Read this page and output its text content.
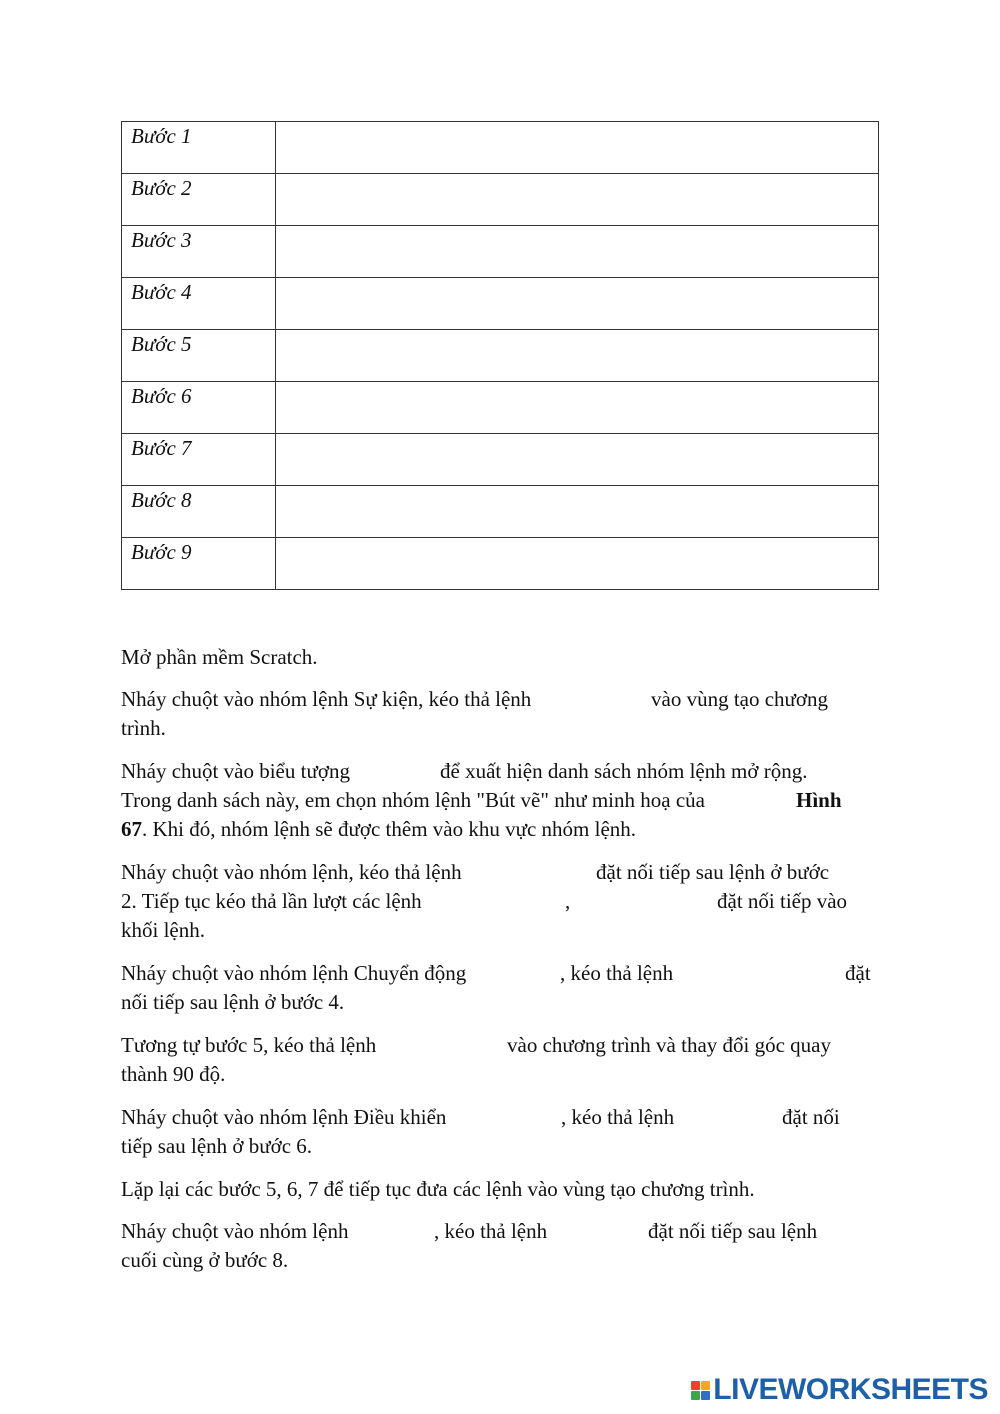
Bước 1	
Bước 2	
Bước 3	
Bước 4	
Bước 5	
Bước 6	
Bước 7	
Bước 8	
Bước 9	
Mở phần mềm Scratch.
Nháy chuột vào nhóm lệnh Sự kiện, kéo thả lệnh	vào vùng tạo chương
trình.
Nháy chuột vào biểu tượng	để xuất hiện danh sách nhóm lệnh mở rộng.
Trong danh sách này, em chọn nhóm lệnh "Bút vẽ" như minh hoạ của	Hình
67. Khi đó, nhóm lệnh sẽ được thêm vào khu vực nhóm lệnh.
Nháy chuột vào nhóm lệnh, kéo thả lệnh	đặt nối tiếp sau lệnh ở bước
2. Tiếp tục kéo thả lần lượt các lệnh	,	đặt nối tiếp vào
khối lệnh.
Nháy chuột vào nhóm lệnh Chuyển động	, kéo thả lệnh	đặt
nối tiếp sau lệnh ở bước 4.
Tương tự bước 5, kéo thả lệnh	vào chương trình và thay đổi góc quay
thành 90 độ.
Nháy chuột vào nhóm lệnh Điều khiển	, kéo thả lệnh	đặt nối
tiếp sau lệnh ở bước 6.
Lặp lại các bước 5, 6, 7 để tiếp tục đưa các lệnh vào vùng tạo chương trình.
Nháy chuột vào nhóm lệnh	, kéo thả lệnh	đặt nối tiếp sau lệnh
cuối cùng ở bước 8.
LIVEWORKSHEETS
